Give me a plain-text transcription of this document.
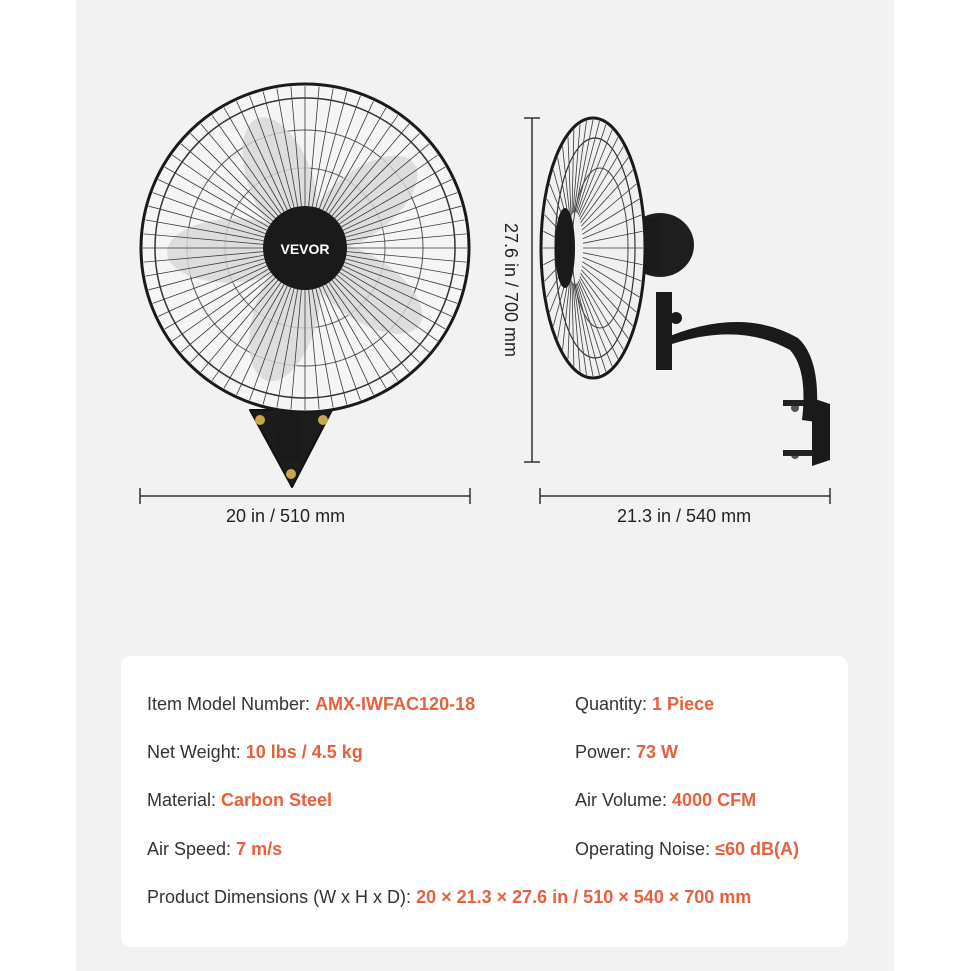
VEVOR	27.6 in / 700 mm
20 in / 510 mm	21.3 in / 540 mm
Item Model Number: AMX-IWFAC120-18	Quantity: 1 Piece
Net Weight: 10 lbs / 4.5 kg	Power: 73 W
Material: Carbon Steel	Air Volume: 4000 CFM
Air Speed: 7 m/s	Operating Noise: ≤60 dB(A)
Product Dimensions (W x H x D): 20 × 21.3 × 27.6 in / 510 × 540 × 700 mm
